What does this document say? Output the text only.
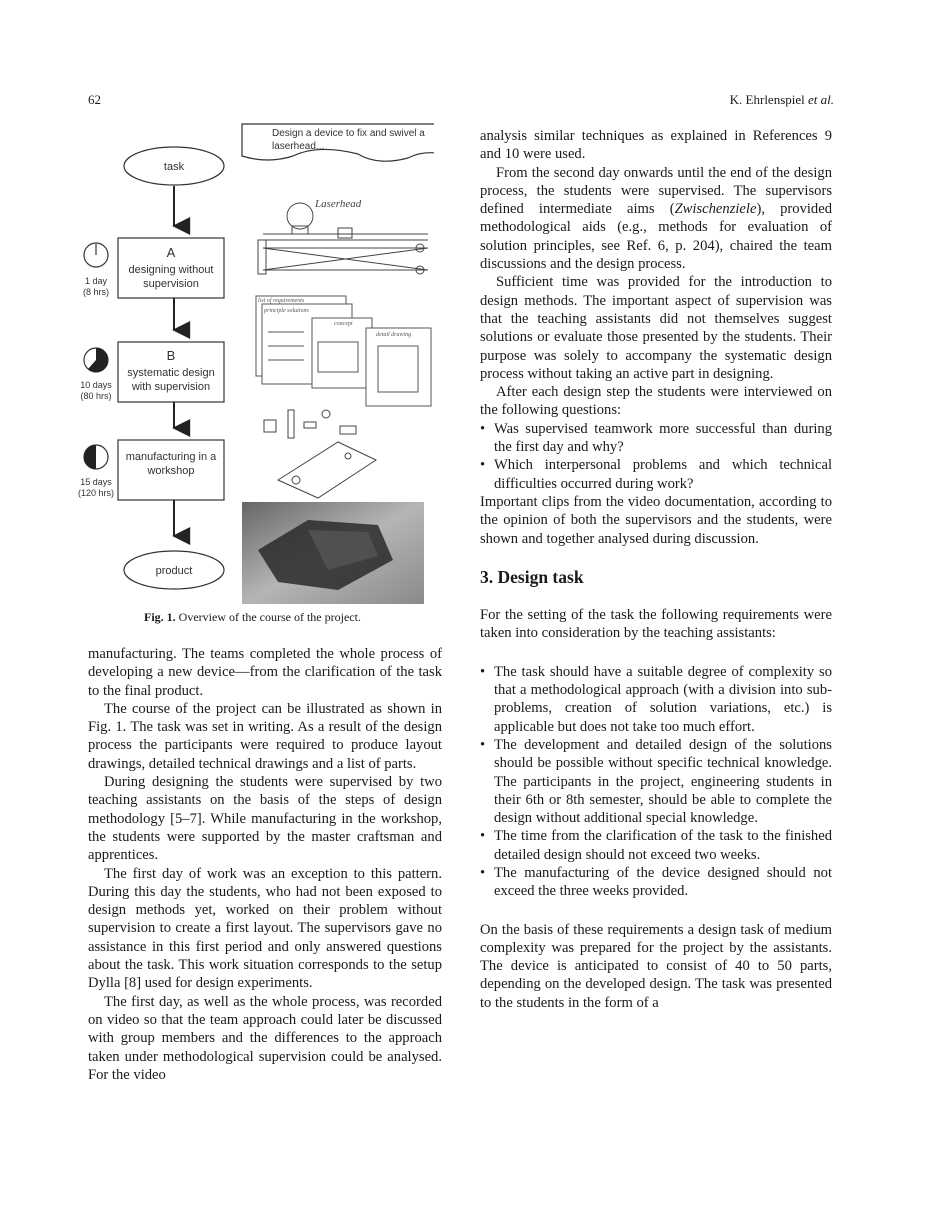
62	K. Ehrlenspiel et al.
Design a device to fix and swivel a
laserhead...
task
A
designing without
supervision
1 day
(8 hrs)
B
systematic design
with supervision
10 days
(80 hrs)
manufacturing in a
workshop
15 days
(120 hrs)
product
Laserhead
list of requirements
principle solutions
concept
detail drawing
Fig. 1. Overview of the course of the project.

manufacturing. The teams completed the whole process of developing a new device—from the clarification of the task to the final product.

The course of the project can be illustrated as shown in Fig. 1. The task was set in writing. As a result of the design process the participants were required to produce layout drawings, detailed technical drawings and a list of parts.

During designing the students were supervised by two teaching assistants on the basis of the steps of design methodology [5–7]. While manufacturing in the workshop, the students were supported by the master craftsman and apprentices.

The first day of work was an exception to this pattern. During this day the students, who had not been exposed to design methods yet, worked on their problem without supervision to create a first layout. The supervisors gave no assistance in this first period and only answered questions about the task. This work situation corresponds to the setup Dylla [8] used for design experiments.

The first day, as well as the whole process, was recorded on video so that the team approach could later be discussed with group members and the differences to the approach taken under methodological supervision could be analysed. For the video

analysis similar techniques as explained in References 9 and 10 were used.

From the second day onwards until the end of the design process, the students were supervised. The supervisors defined intermediate aims (Zwischenziele), provided methodological aids (e.g., methods for evaluation of solution principles, see Ref. 6, p. 204), chaired the team discussions and the design process.

Sufficient time was provided for the introduction to design methods. The important aspect of supervision was that the teaching assistants did not themselves suggest solutions or evaluate those presented by the students. Their purpose was solely to accompany the systematic design process without taking an active part in designing.

After each design step the students were interviewed on the following questions:

• Was supervised teamwork more successful than during the first day and why?
• Which interpersonal problems and which technical difficulties occurred during work?

Important clips from the video documentation, according to the opinion of both the supervisors and the students, were shown and together analysed during discussion.

3. Design task

For the setting of the task the following requirements were taken into consideration by the teaching assistants:

• The task should have a suitable degree of complexity so that a methodological approach (with a division into sub-problems, creation of solution variations, etc.) is applicable but does not take too much effort.
• The development and detailed design of the solutions should be possible without specific technical knowledge. The participants in the project, engineering students in their 6th or 8th semester, should be able to complete the design without additional special knowledge.
• The time from the clarification of the task to the finished detailed design should not exceed two weeks.
• The manufacturing of the device designed should not exceed the three weeks provided.

On the basis of these requirements a design task of medium complexity was prepared for the project by the assistants. The device is anticipated to consist of 40 to 50 parts, depending on the developed design. The task was presented to the students in the form of a
